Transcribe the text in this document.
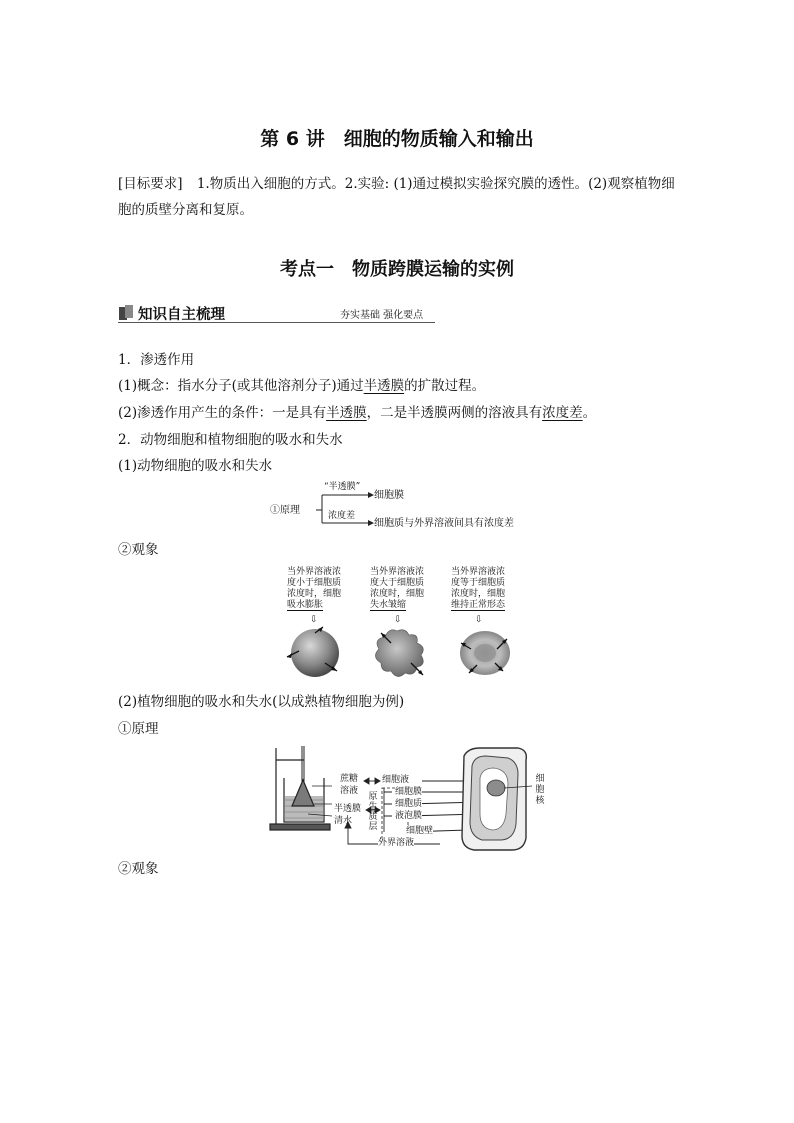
第 6 讲　细胞的物质输入和输出
[目标要求] 1.物质出入细胞的方式。2.实验: (1)通过模拟实验探究膜的透性。(2)观察植物细
胞的质壁分离和复原。
考点一　物质跨膜运输的实例
知识自主梳理	夯实基础 强化要点
1．渗透作用
(1)概念：指水分子(或其他溶剂分子)通过半透膜的扩散过程。
(2)渗透作用产生的条件：一是具有半透膜，二是半透膜两侧的溶液具有浓度差。
2．动物细胞和植物细胞的吸水和失水
(1)动物细胞的吸水和失水
①原理
“半透膜”
细胞膜
浓度差
细胞质与外界溶液间具有浓度差
②观象
当外界溶液浓
度小于细胞质
浓度时，细胞
吸水膨胀
当外界溶液浓
度大于细胞质
浓度时，细胞
失水皱缩
当外界溶液浓
度等于细胞质
浓度时，细胞
维持正常形态
⇩	⇩	⇩
(2)植物细胞的吸水和失水(以成熟植物细胞为例)
①原理
蔗糖
溶液
半透膜
清水
细胞液
细胞膜
细胞质
液泡膜
细胞壁
外界溶液
原
生
质
层
细
胞
核
②观象
